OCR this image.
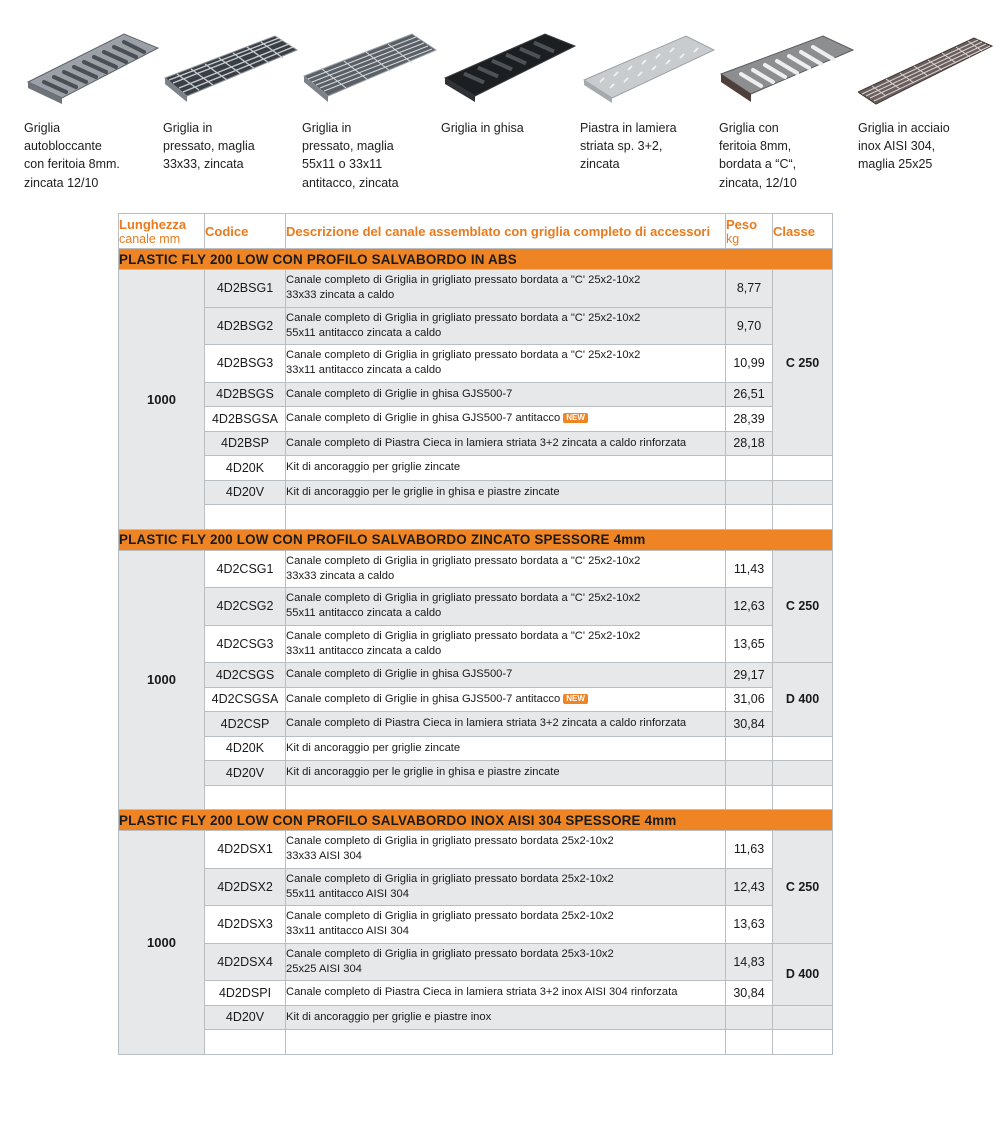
Griglia
autobloccante
con feritoia 8mm.
zincata 12/10
Griglia in
pressato, maglia
33x33, zincata
Griglia in
pressato, maglia
55x11 o 33x11
antitacco, zincata
Griglia in ghisa	Piastra in lamiera
striata sp. 3+2,
zincata
Griglia con
feritoia 8mm,
bordata a “C“,
zincata, 12/10
Griglia in acciaio
inox AISI 304,
maglia 25x25
Lunghezza
canale mm	Codice	Descrizione del canale assemblato con griglia completo di accessori	Peso
kg	Classe
PLASTIC FLY 200 LOW CON PROFILO SALVABORDO IN ABS				
1000	4D2BSG1	Canale completo di Griglia in grigliato pressato bordata a "C' 25x2-10x2
33x33 zincata a caldo	8,77	C 250
	4D2BSG2	Canale completo di Griglia in grigliato pressato bordata a "C' 25x2-10x2
55x11 antitacco zincata a caldo	9,70	
	4D2BSG3	Canale completo di Griglia in grigliato pressato bordata a "C' 25x2-10x2
33x11 antitacco zincata a caldo	10,99	
	4D2BSGS	Canale completo di Griglie in ghisa GJS500-7	26,51	
	4D2BSGSA	Canale completo di Griglie in ghisa GJS500-7 antitacco NEW	28,39	
	4D2BSP	Canale completo di Piastra Cieca in lamiera striata 3+2 zincata a caldo rinforzata	28,18	
	4D20K	Kit di ancoraggio per griglie zincate		
	4D20V	Kit di ancoraggio per le griglie in ghisa e piastre zincate		

PLASTIC FLY 200 LOW CON PROFILO SALVABORDO ZINCATO SPESSORE 4mm				
1000	4D2CSG1	Canale completo di Griglia in grigliato pressato bordata a "C' 25x2-10x2
33x33 zincata a caldo	11,43	C 250
	4D2CSG2	Canale completo di Griglia in grigliato pressato bordata a "C' 25x2-10x2
55x11 antitacco zincata a caldo	12,63	
	4D2CSG3	Canale completo di Griglia in grigliato pressato bordata a "C' 25x2-10x2
33x11 antitacco zincata a caldo	13,65	
	4D2CSGS	Canale completo di Griglie in ghisa GJS500-7	29,17	D 400
	4D2CSGSA	Canale completo di Griglie in ghisa GJS500-7 antitacco NEW	31,06	
	4D2CSP	Canale completo di Piastra Cieca in lamiera striata 3+2 zincata a caldo rinforzata	30,84	
	4D20K	Kit di ancoraggio per griglie zincate		
	4D20V	Kit di ancoraggio per le griglie in ghisa e piastre zincate		

PLASTIC FLY 200 LOW CON PROFILO SALVABORDO INOX AISI 304 SPESSORE 4mm				
1000	4D2DSX1	Canale completo di Griglia in grigliato pressato bordata 25x2-10x2
33x33 AISI 304	11,63	C 250
	4D2DSX2	Canale completo di Griglia in grigliato pressato bordata 25x2-10x2
55x11 antitacco AISI 304	12,43	
	4D2DSX3	Canale completo di Griglia in grigliato pressato bordata 25x2-10x2
33x11 antitacco AISI 304	13,63	
	4D2DSX4	Canale completo di Griglia in grigliato pressato bordata 25x3-10x2
25x25 AISI 304	14,83	D 400
	4D2DSPI	Canale completo di Piastra Cieca in lamiera striata 3+2 inox AISI 304 rinforzata	30,84	
	4D20V	Kit di ancoraggio per griglie e piastre inox		
